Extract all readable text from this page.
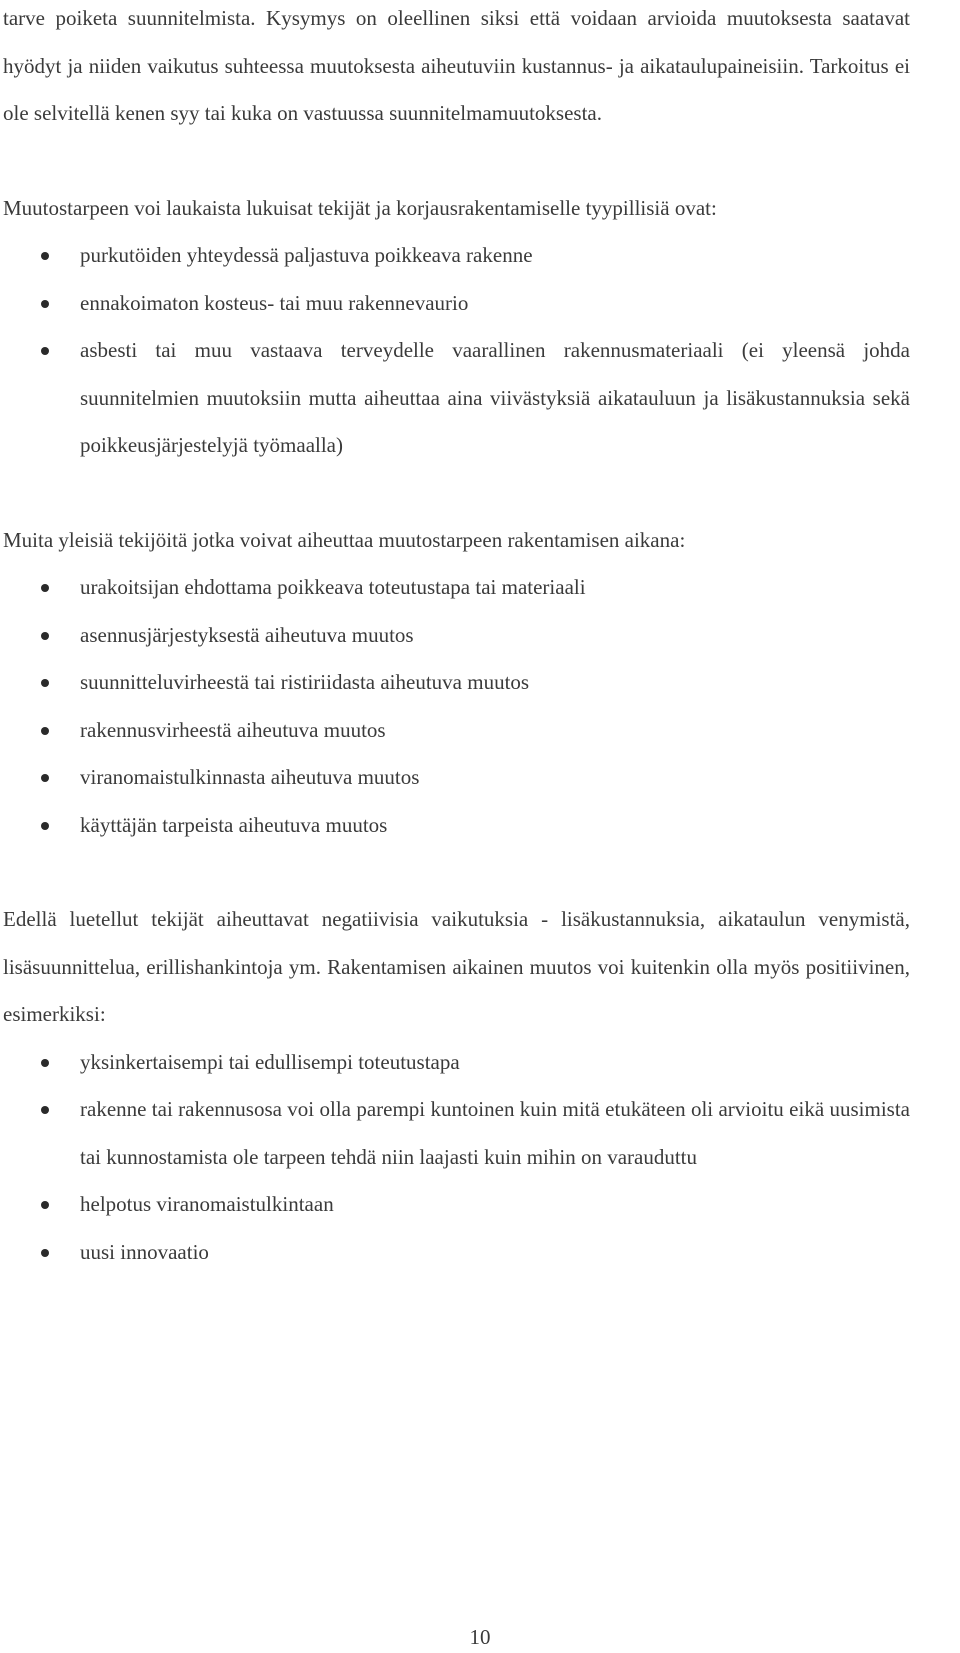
tarve poiketa suunnitelmista. Kysymys on oleellinen siksi että voidaan arvioida muutoksesta saatavat hyödyt ja niiden vaikutus suhteessa muutoksesta aiheutuviin kustannus- ja aikataulupaineisiin. Tarkoitus ei ole selvitellä kenen syy tai kuka on vastuussa suunnitelmamuutoksesta.

Muutostarpeen voi laukaista lukuisat tekijät ja korjausrakentamiselle tyypillisiä ovat:

purkutöiden yhteydessä paljastuva poikkeava rakenne
ennakoimaton kosteus- tai muu rakennevaurio
asbesti tai muu vastaava terveydelle vaarallinen rakennusmateriaali (ei yleensä johda suunnitelmien muutoksiin mutta aiheuttaa aina viivästyksiä aikatauluun ja lisäkustannuksia sekä poikkeusjärjestelyjä työmaalla)

Muita yleisiä tekijöitä jotka voivat aiheuttaa muutostarpeen rakentamisen aikana:

urakoitsijan ehdottama poikkeava toteutustapa tai materiaali
asennusjärjestyksestä aiheutuva muutos
suunnitteluvirheestä tai ristiriidasta aiheutuva muutos
rakennusvirheestä aiheutuva muutos
viranomaistulkinnasta aiheutuva muutos
käyttäjän tarpeista aiheutuva muutos

Edellä luetellut tekijät aiheuttavat negatiivisia vaikutuksia - lisäkustannuksia, aikataulun venymistä, lisäsuunnittelua, erillishankintoja ym. Rakentamisen aikainen muutos voi kuitenkin olla myös positiivinen, esimerkiksi:

yksinkertaisempi tai edullisempi toteutustapa
rakenne tai rakennusosa voi olla parempi kuntoinen kuin mitä etukäteen oli arvioitu eikä uusimista tai kunnostamista ole tarpeen tehdä niin laajasti kuin mihin on varauduttu
helpotus viranomaistulkintaan
uusi innovaatio
10
